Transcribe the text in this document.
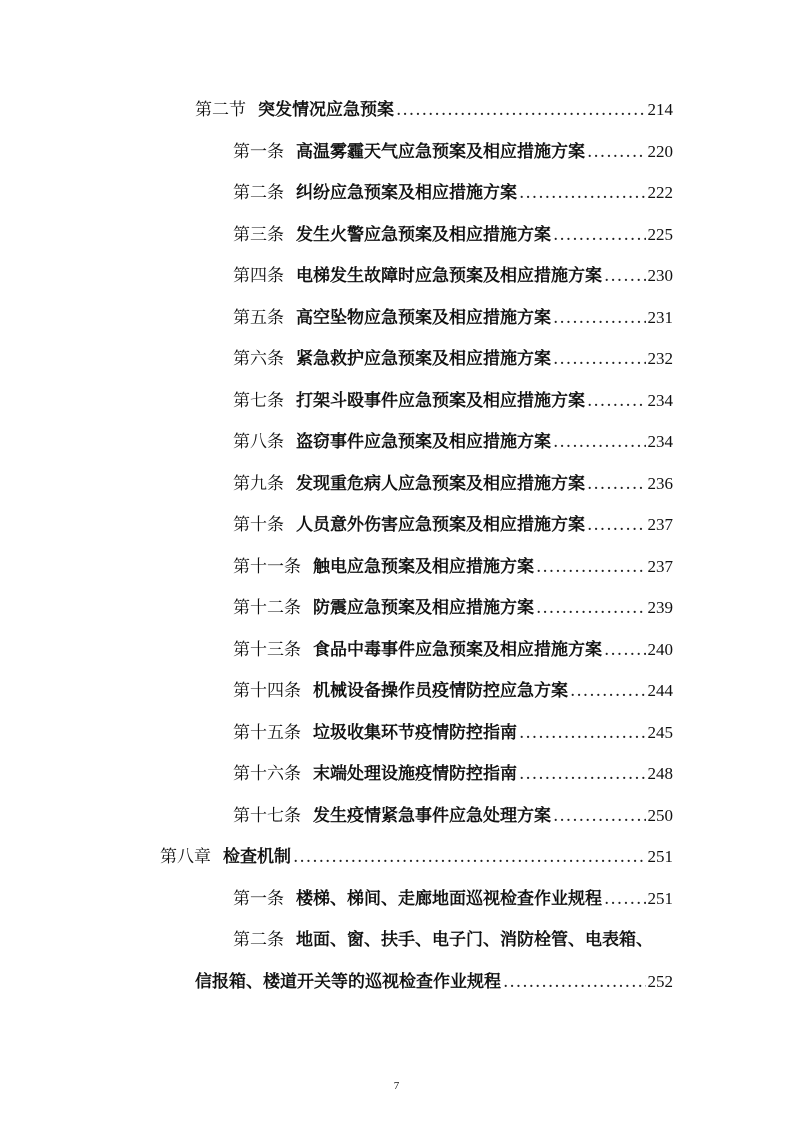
第二节 突发情况应急预案 .....	214
第一条 高温雾霾天气应急预案及相应措施方案 .....	220
第二条 纠纷应急预案及相应措施方案 .....	222
第三条 发生火警应急预案及相应措施方案 .....	225
第四条 电梯发生故障时应急预案及相应措施方案 .....	230
第五条 高空坠物应急预案及相应措施方案 .....	231
第六条 紧急救护应急预案及相应措施方案 .....	232
第七条 打架斗殴事件应急预案及相应措施方案 .....	234
第八条 盗窃事件应急预案及相应措施方案 .....	234
第九条 发现重危病人应急预案及相应措施方案 .....	236
第十条 人员意外伤害应急预案及相应措施方案 .....	237
第十一条 触电应急预案及相应措施方案 .....	237
第十二条 防震应急预案及相应措施方案 .....	239
第十三条 食品中毒事件应急预案及相应措施方案 .....	240
第十四条 机械设备操作员疫情防控应急方案 .....	244
第十五条 垃圾收集环节疫情防控指南 .....	245
第十六条 末端处理设施疫情防控指南 .....	248
第十七条 发生疫情紧急事件应急处理方案 .....	250
第八章 检查机制 .....	251
第一条 楼梯、梯间、走廊地面巡视检查作业规程 .....	251
第二条 地面、窗、扶手、电子门、消防栓管、电表箱、
信报箱、楼道开关等的巡视检查作业规程 .....	252
7
